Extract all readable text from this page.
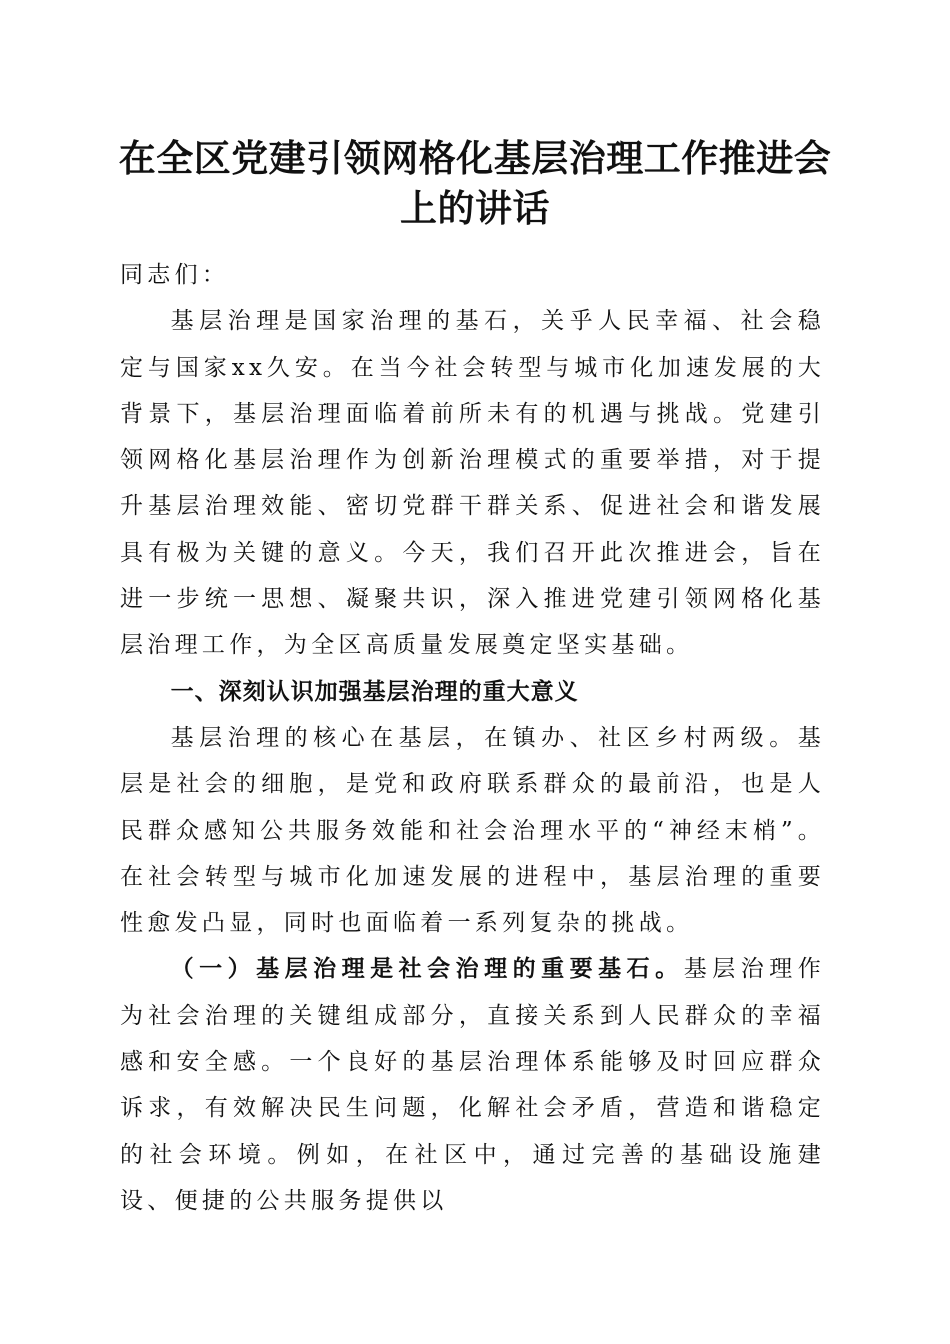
在全区党建引领网格化基层治理工作推进会上的讲话

同志们：

基层治理是国家治理的基石，关乎人民幸福、社会稳定与国家xx久安。在当今社会转型与城市化加速发展的大背景下，基层治理面临着前所未有的机遇与挑战。党建引领网格化基层治理作为创新治理模式的重要举措，对于提升基层治理效能、密切党群干群关系、促进社会和谐发展具有极为关键的意义。今天，我们召开此次推进会，旨在进一步统一思想、凝聚共识，深入推进党建引领网格化基层治理工作，为全区高质量发展奠定坚实基础。

一、深刻认识加强基层治理的重大意义

基层治理的核心在基层，在镇办、社区乡村两级。基层是社会的细胞，是党和政府联系群众的最前沿，也是人民群众感知公共服务效能和社会治理水平的“神经末梢”。在社会转型与城市化加速发展的进程中，基层治理的重要性愈发凸显，同时也面临着一系列复杂的挑战。

（一）基层治理是社会治理的重要基石。基层治理作为社会治理的关键组成部分，直接关系到人民群众的幸福感和安全感。一个良好的基层治理体系能够及时回应群众诉求，有效解决民生问题，化解社会矛盾，营造和谐稳定的社会环境。例如，在社区中，通过完善的基础设施建设、便捷的公共服务提供以
